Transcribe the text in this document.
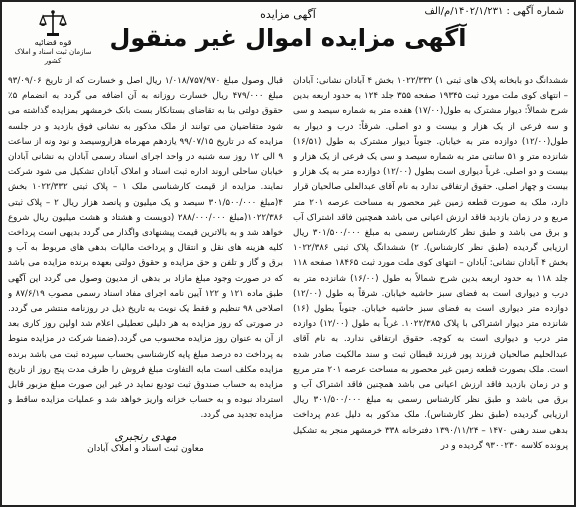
قوه قضائیه
سازمان ثبت اسناد و املاک کشور
شماره آگهی : ۱۴۰۲/۱/۲۳۱/م/الف
آگهی مزایده
آگهی مزایده اموال غیر منقول

ششدانگ دو بابخانه پلاک های ثبتی ۱) ۱۰۲۲/۳۳۲ بخش ۴ آبادان نشانی: آبادان – انتهای کوی ملت مورد ثبت ۱۹۳۴۵ صفحه ۳۵۵ جلد ۱۲۴ به حدود اربعه بدین شرح شمالاً: دیوار مشترک به طول(۱۷/۰۰) هفده متر به شماره سیصد و سی و سه فرعی از یک هزار و بیست و دو اصلی. شرقاً: درب و دیوار به طول(۱۲/۰۰) دوازده متر به خیابان. جنوباً دیوار مشترک به طول (۱۶/۵۱) شانزده متر و ۵۱ سانتی متر به شماره سیصد و سی یک فرعی از یک هزار و بیست و دو اصلی. غرباً دیواری است بطول (۱۲/۰۰) دوازده متر به یک هزار و بیست و چهار اصلی. حقوق ارتفاقی ندارد به نام آقای عبدالعلی صالحیان قرار دارد، ملک به صورت قطعه زمین غیر محصور به مساحت عرصه ۲۰۱ متر مربع و در زمان بازدید فاقد ارزش اعیانی می باشد همچنین فاقد اشتراک آب و برق می باشد و طبق نظر کارشناس رسمی به مبلغ ۳۰۱/۵۰۰/۰۰۰ ریال ارزیابی گردیده (طبق نظر کارشناس). ۲) ششدانگ پلاک ثبتی ۱۰۲۲/۳۸۶ بخش ۴ آبادان نشانی: آبادان – انتهای کوی ملت مورد ثبت ۱۸۴۶۵ صفحه ۱۱۸ جلد ۱۱۸ به حدود اربعه بدین شرح شمالاً به طول (۱۶/۰۰) شانزده متر به درب و دیواری است به فضای سبز حاشیه خیابان. شرقاً به طول (۱۲/۰۰) دوازده متر دیواری است به فضای سبز حاشیه خیابان. جنوباً بطول (۱۶) شانزده متر دیوار اشتراکی با پلاک ۱۰۲۲/۳۸۵. غرباً به طول (۱۲/۰۰) دوازده متر درب و دیواری است به کوچه. حقوق ارتفاقی ندارد. به نام آقای عبدالحلیم صالحیان فرزند پور فرزند قبطان ثبت و سند مالکیت صادر شده است. ملک بصورت قطعه زمین غیر محصور به مساحت عرصه ۲۰۱ متر مربع و در زمان بازدید فاقد ارزش اعیانی می باشد همچنین فاقد اشتراک آب و برق می باشد و طبق نظر کارشناس رسمی به مبلغ ۳۰۱/۵۰۰/۰۰۰ ریال ارزیابی گردیده (طبق نظر کارشناس). ملک مذکور به دلیل عدم پرداخت بدهی سند رهنی ۱۴۷۰ – ۱۳۹۰/۱۱/۲۴ دفترخانه ۳۳۸ خرمشهر منجر به تشکیل پرونده کلاسه ۹۳۰۰۲۳۰ گردیده و در

قبال وصول مبلغ ۱/۰۱۸/۷۵۷/۹۷۰ ریال اصل و خسارت که از تاریخ ۹۳/۰۹/۰۶ مبلغ ۴۷۹/۰۰۰ ریال خسارت روزانه به آن اضافه می گردد به انضمام ۵٪ حقوق دولتی بنا به تقاضای بستانکار بست بانک خرمشهر بمزایده گذاشته می شود متقاضیان می توانند از ملک مذکور به نشانی فوق بازدید و در جلسه مزایده که در تاریخ ۹۹/۰۷/۱۵ یازدهم مهرماه هزاروسیصد و نود ونه از ساعت ۹ الی ۱۲ روز سه شنبه در واحد اجرای اسناد رسمی آبادان به نشانی آبادان خیابان ساحلی اروند اداره ثبت اسناد و املاک آبادان تشکیل می شود شرکت نمایند. مزایده از قیمت کارشناسی ملک ۱ – پلاک ثبتی ۱۰۲۲/۳۳۲ بخش ۴(مبلغ ۳۰۱/۵۰۰/۰۰۰ سیصد و یک میلیون و پانصد هزار ریال ۲ – پلاک ثبتی ۱۰۲۲/۳۸۶(مبلغ ۲۸۸/۰۰۰/۰۰۰ (دویست و هشتاد و هشت میلیون ریال شروع خواهد شد و به بالاترین قیمت پیشنهادی واگذار می گردد بدیهی است پرداخت کلیه هزینه های نقل و انتقال و پرداخت مالیات بدهی های مربوط به آب و برق و گاز و تلفن و حق مزایده و حقوق دولتی بعهده برنده مزایده می باشد که در صورت وجود مبلغ مازاد بر بدهی از مدیون وصول می گردد این آگهی طبق ماده ۱۲۱ و ۱۲۲ آیین نامه اجرای مفاد اسناد رسمی مصوب ۸۷/۶/۱۹ و اصلاحی ۹۸ تنظیم و فقط یک نوبت به تاریخ ذیل در روزنامه منتشر می گردد. در صورتی که روز مزایده به هر دلیلی تعطیلی اعلام شد اولین روز کاری بعد از آن به عنوان روز مزایده محسوب می گردد.(ضمنا شرکت در مزایده منوط به پرداخت ده درصد مبلغ پایه کارشناسی بحساب سپرده ثبت می باشد برنده مزایده مکلف است مابه التفاوت مبلغ فروش را ظرف مدت پنج روز از تاریخ مزایده به حساب صندوق ثبت تودیع نماید در غیر این صورت مبلغ مزبور قابل استرداد نبوده و به حساب خزانه واریز خواهد شد و عملیات مزایده ساقط و مزایده تجدید می گردد.

مهدی رنجبری
معاون ثبت اسناد و املاک آبادان
